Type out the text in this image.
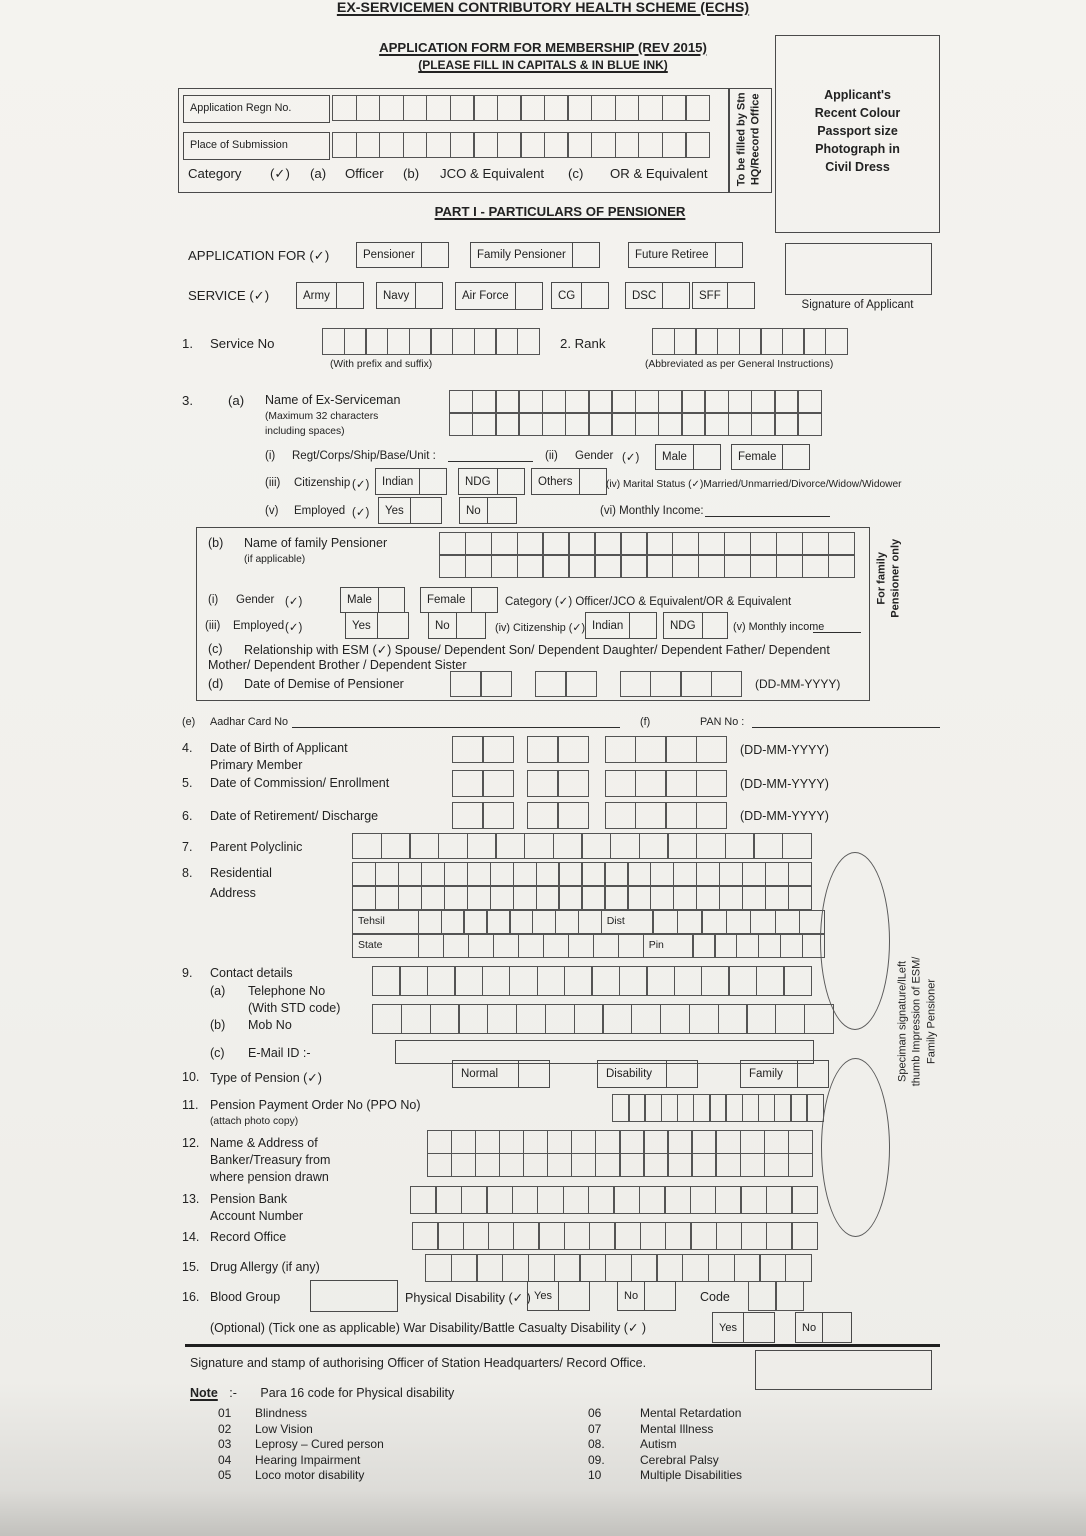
EX-SERVICEMEN CONTRIBUTORY HEALTH SCHEME (ECHS)
APPLICATION FORM FOR MEMBERSHIP (REV 2015)
(PLEASE FILL IN CAPITALS & IN BLUE INK)
Applicant's
Recent Colour
Passport size
Photograph in
Civil Dress
To be filled by Stn HQ/Record Office
Application Regn No.
Place of Submission
Category (✓) (a) Officer (b) JCO & Equivalent (c) OR & Equivalent
PART I - PARTICULARS OF PENSIONER
APPLICATION FOR (✓)	Pensioner	Family Pensioner	Future Retiree
Signature of Applicant
SERVICE (✓)	Army	Navy	Air Force	CG	DSC	SFF
1. Service No
(With prefix and suffix)
2. Rank
(Abbreviated as per General Instructions)
3.	(a) Name of Ex-Serviceman
(Maximum 32 characters
including spaces)
(i) Regt/Corps/Ship/Base/Unit :	(ii) Gender (✓)	Male	Female
(iii) Citizenship (✓)	Indian	NDG	Others	(iv) Marital Status (✓)Married/Unmarried/Divorce/Widow/Widower
(v) Employed (✓)	Yes	No	(vi) Monthly Income:
For family Pensioner only
(b) Name of family Pensioner
(if applicable)
(i) Gender (✓)	Male	Female	Category (✓) Officer/JCO & Equivalent/OR & Equivalent
(iii) Employed (✓)	Yes	No	(iv) Citizenship (✓) Indian	NDG	(v) Monthly income
(c) Relationship with ESM (✓) Spouse/ Dependent Son/ Dependent Daughter/ Dependent Father/ Dependent
Mother/ Dependent Brother / Dependent Sister
(d) Date of Demise of Pensioner	(DD-MM-YYYY)
(e) Aadhar Card No	(f)	PAN No :
4. Date of Birth of Applicant
Primary Member
(DD-MM-YYYY)
5. Date of Commission/ Enrollment	(DD-MM-YYYY)
6. Date of Retirement/ Discharge	(DD-MM-YYYY)
7. Parent Polyclinic
8. Residential
Address
Tehsil	Dist
State	Pin
Speciman signature/lLeft thumb Impression of ESM/ Family Pensioner
9. Contact details
(a) Telephone No
(With STD code)
(b) Mob No
(c) E-Mail ID :-
10. Type of Pension (✓)	Normal	Disability	Family
11. Pension Payment Order No (PPO No)
(attach photo copy)
12. Name & Address of
Banker/Treasury from
where pension drawn
13. Pension Bank
Account Number
14. Record Office
15. Drug Allergy (if any)
16. Blood Group	Physical Disability (✓ ) Yes	No	Code
(Optional) (Tick one as applicable) War Disability/Battle Casualty Disability (✓ )	Yes	No
Signature and stamp of authorising Officer of Station Headquarters/ Record Office.
Note :- Para 16 code for Physical disability
01	Blindness
02	Low Vision
03	Leprosy – Cured person
04	Hearing Impairment
05	Loco motor disability
06	Mental Retardation
07	Mental Illness
08.	Autism
09.	Cerebral Palsy
10	Multiple Disabilities
